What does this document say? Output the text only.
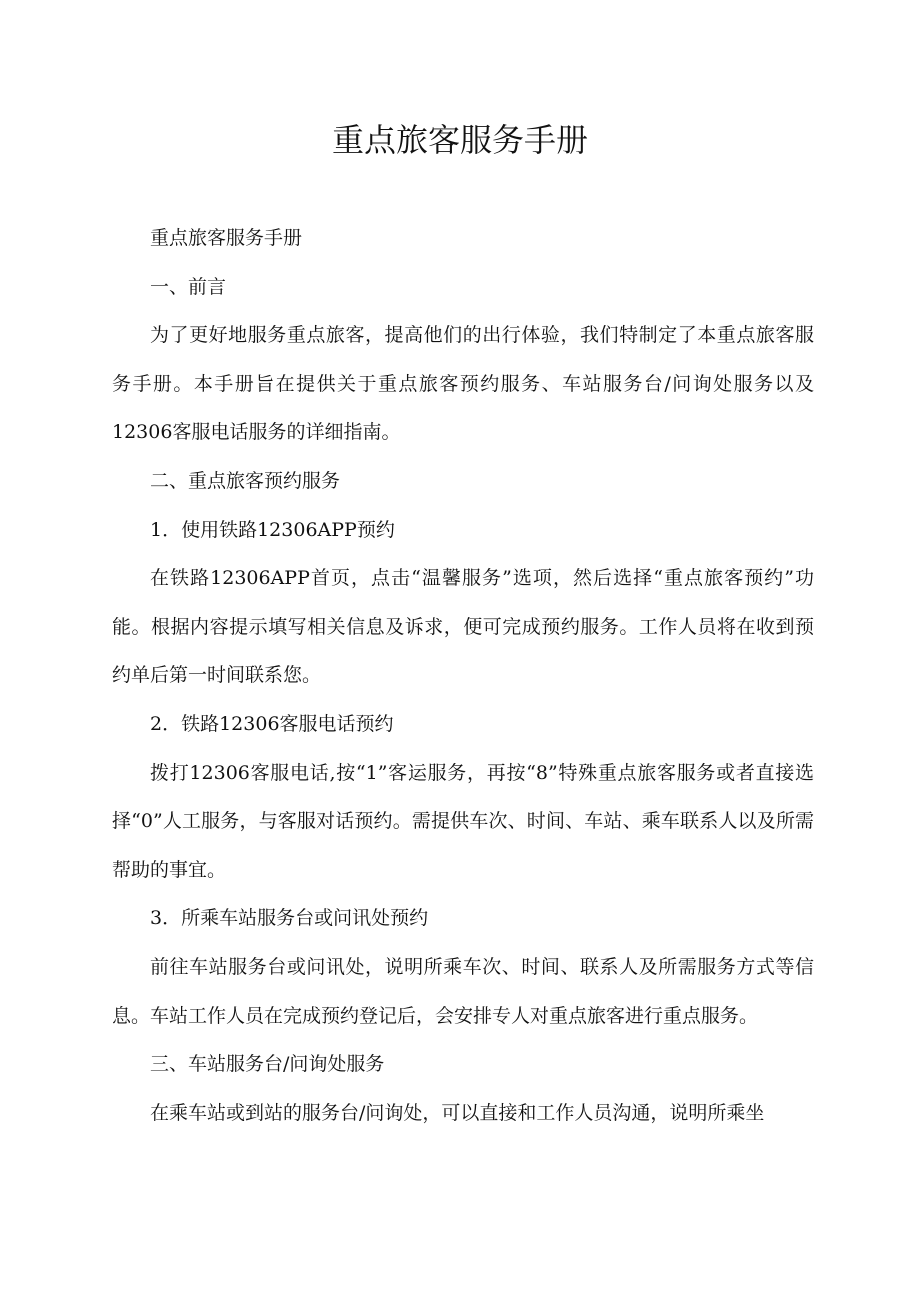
重点旅客服务手册

重点旅客服务手册

一、前言

为了更好地服务重点旅客，提高他们的出行体验，我们特制定了本重点旅客服务手册。本手册旨在提供关于重点旅客预约服务、车站服务台/问询处服务以及12306客服电话服务的详细指南。

二、重点旅客预约服务

1．使用铁路12306APP预约

在铁路12306APP首页，点击“温馨服务”选项，然后选择“重点旅客预约”功能。根据内容提示填写相关信息及诉求，便可完成预约服务。工作人员将在收到预约单后第一时间联系您。

2．铁路12306客服电话预约

拨打12306客服电话,按“1”客运服务，再按“8”特殊重点旅客服务或者直接选择“0”人工服务，与客服对话预约。需提供车次、时间、车站、乘车联系人以及所需帮助的事宜。

3．所乘车站服务台或问讯处预约

前往车站服务台或问讯处，说明所乘车次、时间、联系人及所需服务方式等信息。车站工作人员在完成预约登记后，会安排专人对重点旅客进行重点服务。

三、车站服务台/问询处服务

在乘车站或到站的服务台/问询处，可以直接和工作人员沟通，说明所乘坐
